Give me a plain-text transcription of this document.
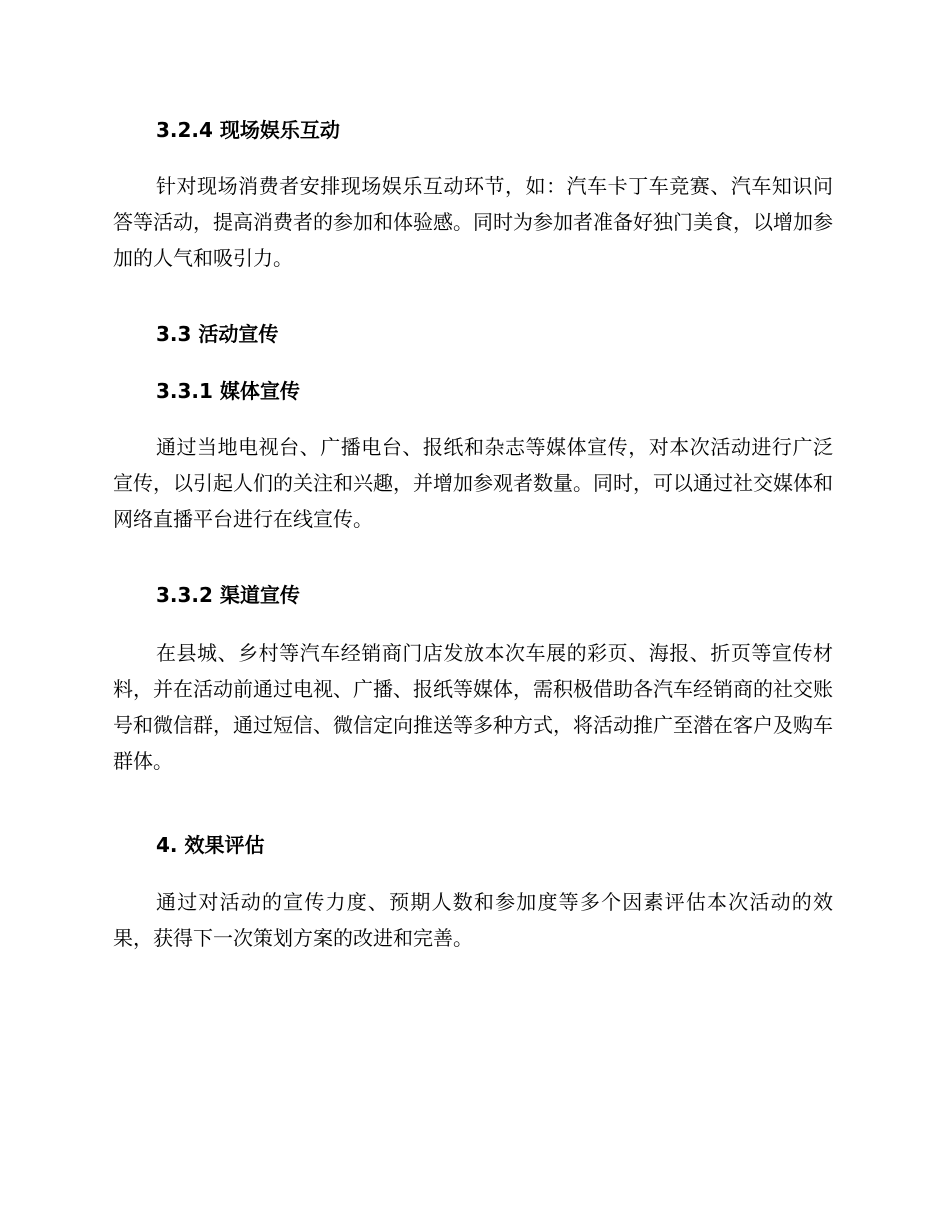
3.2.4 现场娱乐互动

针对现场消费者安排现场娱乐互动环节，如：汽车卡丁车竞赛、汽车知识问答等活动，提高消费者的参加和体验感。同时为参加者准备好独门美食，以增加参加的人气和吸引力。

3.3 活动宣传
3.3.1 媒体宣传

通过当地电视台、广播电台、报纸和杂志等媒体宣传，对本次活动进行广泛宣传，以引起人们的关注和兴趣，并增加参观者数量。同时，可以通过社交媒体和网络直播平台进行在线宣传。

3.3.2 渠道宣传

在县城、乡村等汽车经销商门店发放本次车展的彩页、海报、折页等宣传材料，并在活动前通过电视、广播、报纸等媒体，需积极借助各汽车经销商的社交账号和微信群，通过短信、微信定向推送等多种方式，将活动推广至潜在客户及购车群体。

4. 效果评估

通过对活动的宣传力度、预期人数和参加度等多个因素评估本次活动的效果，获得下一次策划方案的改进和完善。
